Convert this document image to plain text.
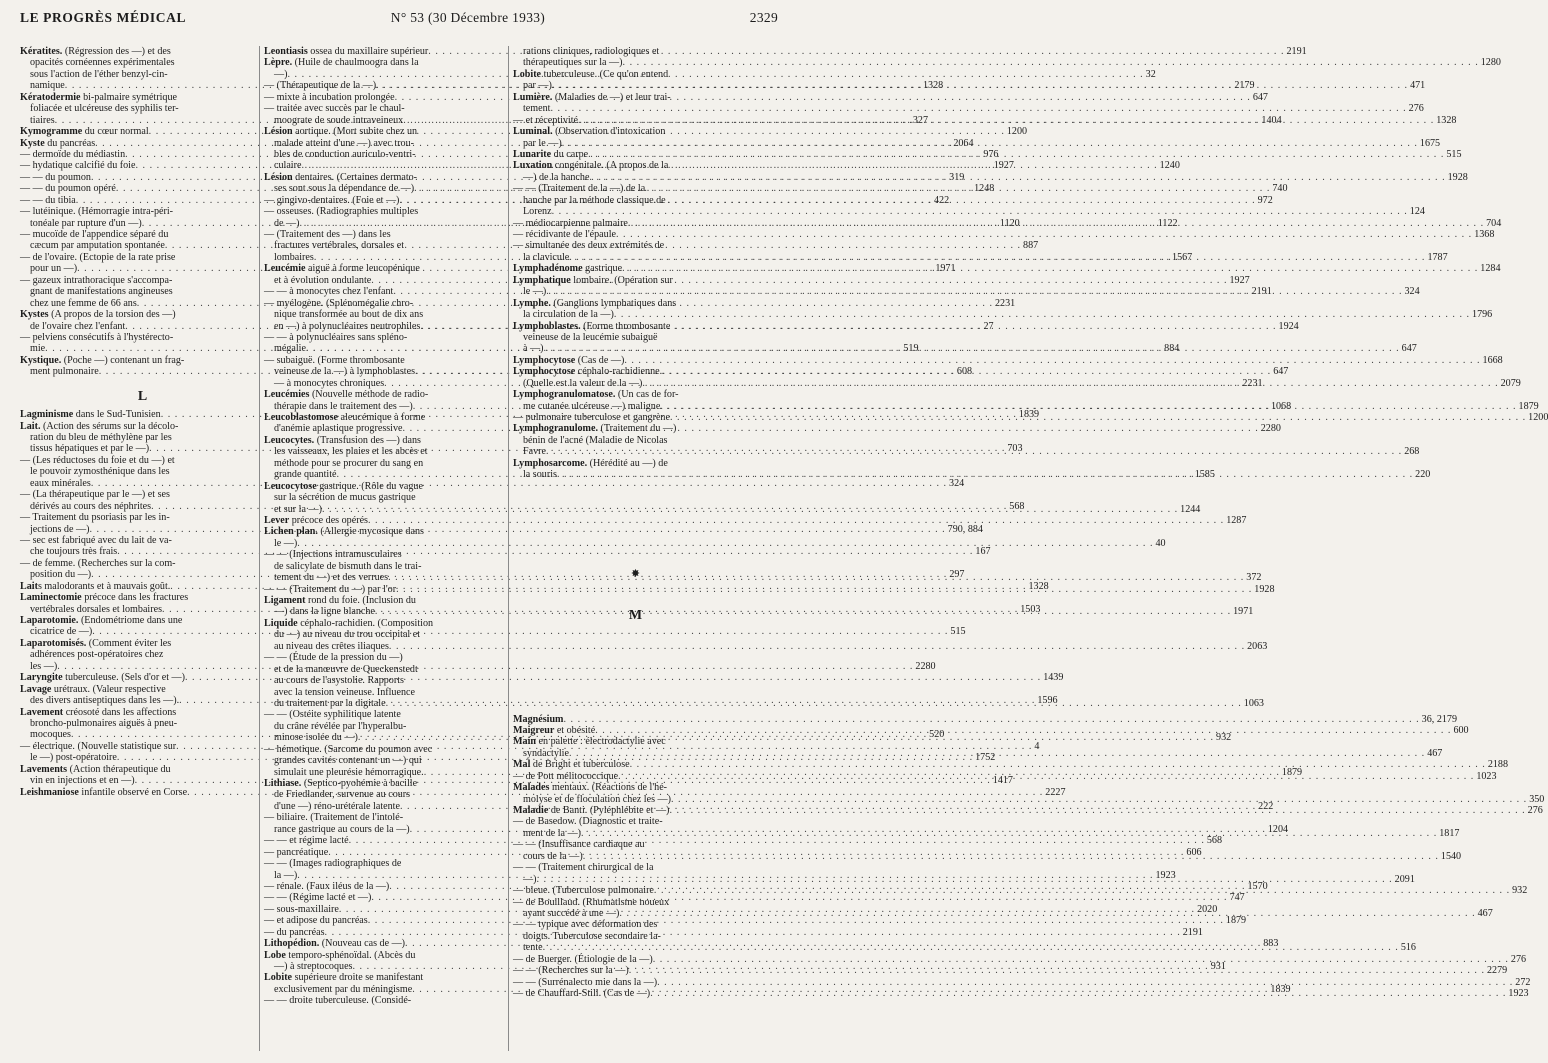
LE PROGRÈS MÉDICAL	N° 53 (30 Décembre 1933)	2329
Kératites. (Régression des —) et des
opacités cornéennes expérimentales
sous l'action de l'éther benzyl-cin-
namique . . .	1328
Kératodermie bi-palmaire symétrique
foliacée et ulcéreuse des syphilis ter-
tiaires . . .	327
Kymogramme du cœur normal . . .	1200
Kyste du pancréas . . .	2064
— dermoïde du médiastin . . .	976
— hydatique calcifié du foie . . .	1927
— — du poumon . . .	319
— — du poumon opéré . . .	1248
— — du tibia . . .	422
— lutéinique. (Hémorragie intra-péri-
tonéale par rupture d'un —) . . .	1120
— mucoïde de l'appendice séparé du
cæcum par amputation spontanée . . .	887
— de l'ovaire. (Ectopie de la rate prise
pour un —) . . .	1971
— gazeux intrathoracique s'accompa-
gnant de manifestations angineuses
chez une femme de 66 ans . . .	2231
Kystes (A propos de la torsion des —)
de l'ovaire chez l'enfant . . .	27
— pelviens consécutifs à l'hystérecto-
mie . . .	519
Kystique. (Poche —) contenant un frag-
ment pulmonaire . . .	608
L
Lagminisme dans le Sud-Tunisien . . .	1839
Lait. (Action des sérums sur la décolo-
ration du bleu de méthylène par les
tissus hépatiques et par le —) . . .	703
— (Les réductoses du foie et du —) et
le pouvoir zymosthénique dans les
eaux minérales . . .	324
— (La thérapeutique par le —) et ses
dérivés au cours des néphrites . . .	568
— Traitement du psoriasis par les in-
jections de —) . . .	790, 884
— sec est fabriqué avec du lait de va-
che toujours très frais . . .	167
— de femme. (Recherches sur la com-
position du —) . . .	297
Laits malodorants et à mauvais goût. . . .	1328
Laminectomie précoce dans les fractures
vertébrales dorsales et lombaires . . .	1503
Laparotomie. (Endométriome dans une
cicatrice de —) . . .	515
Laparotomisés. (Comment éviter les
adhérences post-opératoires chez
les —) . . .	2280
Laryngite tuberculeuse. (Sels d'or et —) . . .	1439
Lavage urétraux. (Valeur respective
des divers antiseptiques dans les —). . . .	1596
Lavement créosoté dans les affections
broncho-pulmonaires aiguës à pneu-
mocoques . . .	520
— électrique. (Nouvelle statistique sur . . .	4
le —) post-opératoire . . .	1752
Lavements (Action thérapeutique du
vin en injections et en —) . . .	1417
Leishmaniose infantile observé en Corse . . .	2227
Leontiasis ossea du maxillaire supérieur . . .	2191
Lèpre. (Huile de chaulmoogra dans la
—) . . .	32
— (Thérapeutique de la —) . . .	2179
— mixte à incubation prolongée . . .	647
— traitée avec succès par le chaul-
moograte de soude intraveineux . . .	1404
Lésion aortique. (Mort subite chez un
malade atteint d'une —) avec trou-
bles de conduction auriculo-ventri-
culaire . . .	1240
Lésion dentaires. (Certaines dermato-
ses sont sous la dépendance de —) . . .	740
— gingivo-dentaires. (Foie et —) . . .	972
— osseuses. (Radiographies multiples
de —) . . .	1122
— (Traitement des —) dans les
fractures vertébrales, dorsales et
lombaires . . .	1567
Leucémie aiguë à forme leucopénique
et à évolution ondulante . . .	1927
— — à monocytes chez l'enfant . . .	2191
— myélogène. (Splénomégalie chro-
nique transformée au bout de dix ans
en —) à polynucléaires neutrophiles . . .	1924
— — à polynucléaires sans spléno-
mégalie . . .	884
— subaiguë. (Forme thrombosante
veineuse de la —) à lymphoblastes . . .	647
— à monocytes chroniques . . .	2231
Leucémies (Nouvelle méthode de radio-
thérapie dans le traitement des —) . . .	1068
Leucoblastomose aleucémique à forme
d'anémie aplastique progressive . . .	2280
Leucocytes. (Transfusion des —) dans
les vaisseaux, les plaies et les abcès et
méthode pour se procurer du sang en
grande quantité . . .	1585
Leucocytose gastrique. (Rôle du vague
sur la sécrétion de mucus gastrique
et sur la —) . . .	1244
Lever précoce des opérés . . .	1287
Lichen plan. (Allergie mycosique dans
le —) . . .	40
— — (Injections intramusculaires
de salicylate de bismuth dans le trai-
tement du —) et des verrues . . .	372
— — (Traitement du —) par l'or . . .	1928
Ligament rond du foie. (Inclusion du
—) dans la ligne blanche . . .	1971
Liquide céphalo-rachidien. (Composition
du —) au niveau du trou occipital et
au niveau des crêtes iliaques . . .	2063
— — (Étude de la pression du —)
et de la manœuvre de Queckenstedt
au cours de l'asystolie. Rapports
avec la tension veineuse. Influence
du traitement par la digitale . . .	1063
— — (Ostéite syphilitique latente
du crâne révélée par l'hyperalbu-
minose isolée du —) . . .	932
— hémotique. (Sarcome du poumon avec
grandes cavités contenant un —) qui
simulait une pleurésie hémorragique. . . .	1879
Lithiase. (Septico-pyohémie à bacille
de Friedlander, survenue au cours
d'une —) réno-urétérale latente . . .	222
— biliaire. (Traitement de l'intolé-
rance gastrique au cours de la —) . . .	1204
— — et régime lacté . . .	568
— pancréatique . . .	606
— — (Images radiographiques de
la —) . . .	1923
— rénale. (Faux iléus de la —) . . .	1570
— — (Régime lacté et —) . . .	747
— sous-maxillaire . . .	2020
— et adipose du pancréas . . .	1879
— du pancréas . . .	2191
Lithopédion. (Nouveau cas de —) . . .	883
Lobe temporo-sphénoïdal. (Abcès du
—) à streptocoques . . .	931
Lobite supérieure droite se manifestant
exclusivement par du méningisme . . .	1839
— — droite tuberculeuse. (Considé-
rations cliniques, radiologiques et
thérapeutiques sur la —) . . .	1280
Lobite tuberculeuse. (Ce qu'on entend
par —) . . .	471
Lumière. (Maladies de —) et leur trai-
tement . . .	276
— et réceptivité . . .	1328
Luminal. (Observation d'intoxication
par le —) . . .	1675
Lunarite du carpe . . .	515
Luxation congénitale. (A propos de la
—) de la hanche . . .	1928
— — (Traitement de la —) de la
hanche par la méthode classique de
Lorenz . . .	124
— médiocarpienne palmaire . . .	704
— récidivante de l'épaule . . .	1368
— simultanée des deux extrémités de
la clavicule . . .	1787
Lymphadénome gastrique . . .	1284
Lymphatique lombaire. (Opération sur
le —) . . .	324
Lymphe. (Ganglions lymphatiques dans
la circulation de la —) . . .	1796
Lymphoblastes. (Forme thrombosante
veineuse de la leucémie subaiguë
à —) . . .	647
Lymphocytose (Cas de —) . . .	1668
Lymphocytose céphalo-rachidienne.
(Quelle est la valeur de la —) . . .	2079
Lymphogranulomatose. (Un cas de for-
me cutanée ulcéreuse —) maligne . . .	1879
— pulmonaire tuberculose et gangrène . . .	1200
Lymphogranulome. (Traitement du —)
bénin de l'acné (Maladie de Nicolas
Favre . . .	268
Lymphosarcome. (Hérédité au —) de
la souris . . .	220
✸
M
Magnésium . . .	36, 2179
Maigreur et obésité . . .	600
Main en palette : électrodactylie avec
syndactylie . . .	467
Mal de Bright et tuberculose . . .	2188
— de Pott mélitococcique . . .	1023
Malades mentaux. (Réactions de l'hé-
molyse et de floculation chez les —) . . .	350
Maladie de Banti. (Pyléphlébite et —) . . .	276
— de Basedow. (Diagnostic et traite-
ment de la —) . . .	1817
— — (Insuffisance cardiaque au
cours de la —) . . .	1540
— — (Traitement chirurgical de la
—) . . .	2091
— bleue. (Tuberculose pulmonaire . . .	932
— de Bouillaud. (Rhumatisme noueux
ayant succédé à une —) . . .	467
— — typique avec déformation des
doigts. Tuberculose secondaire la-
tente . . .	516
— de Buerger. (Étiologie de la —) . . .	276
— — (Recherches sur la —) . . .	2279
— — (Surrénalecto mie dans la —) . . .	272
— de Chauffard-Still. (Cas de —) . . .	1923
